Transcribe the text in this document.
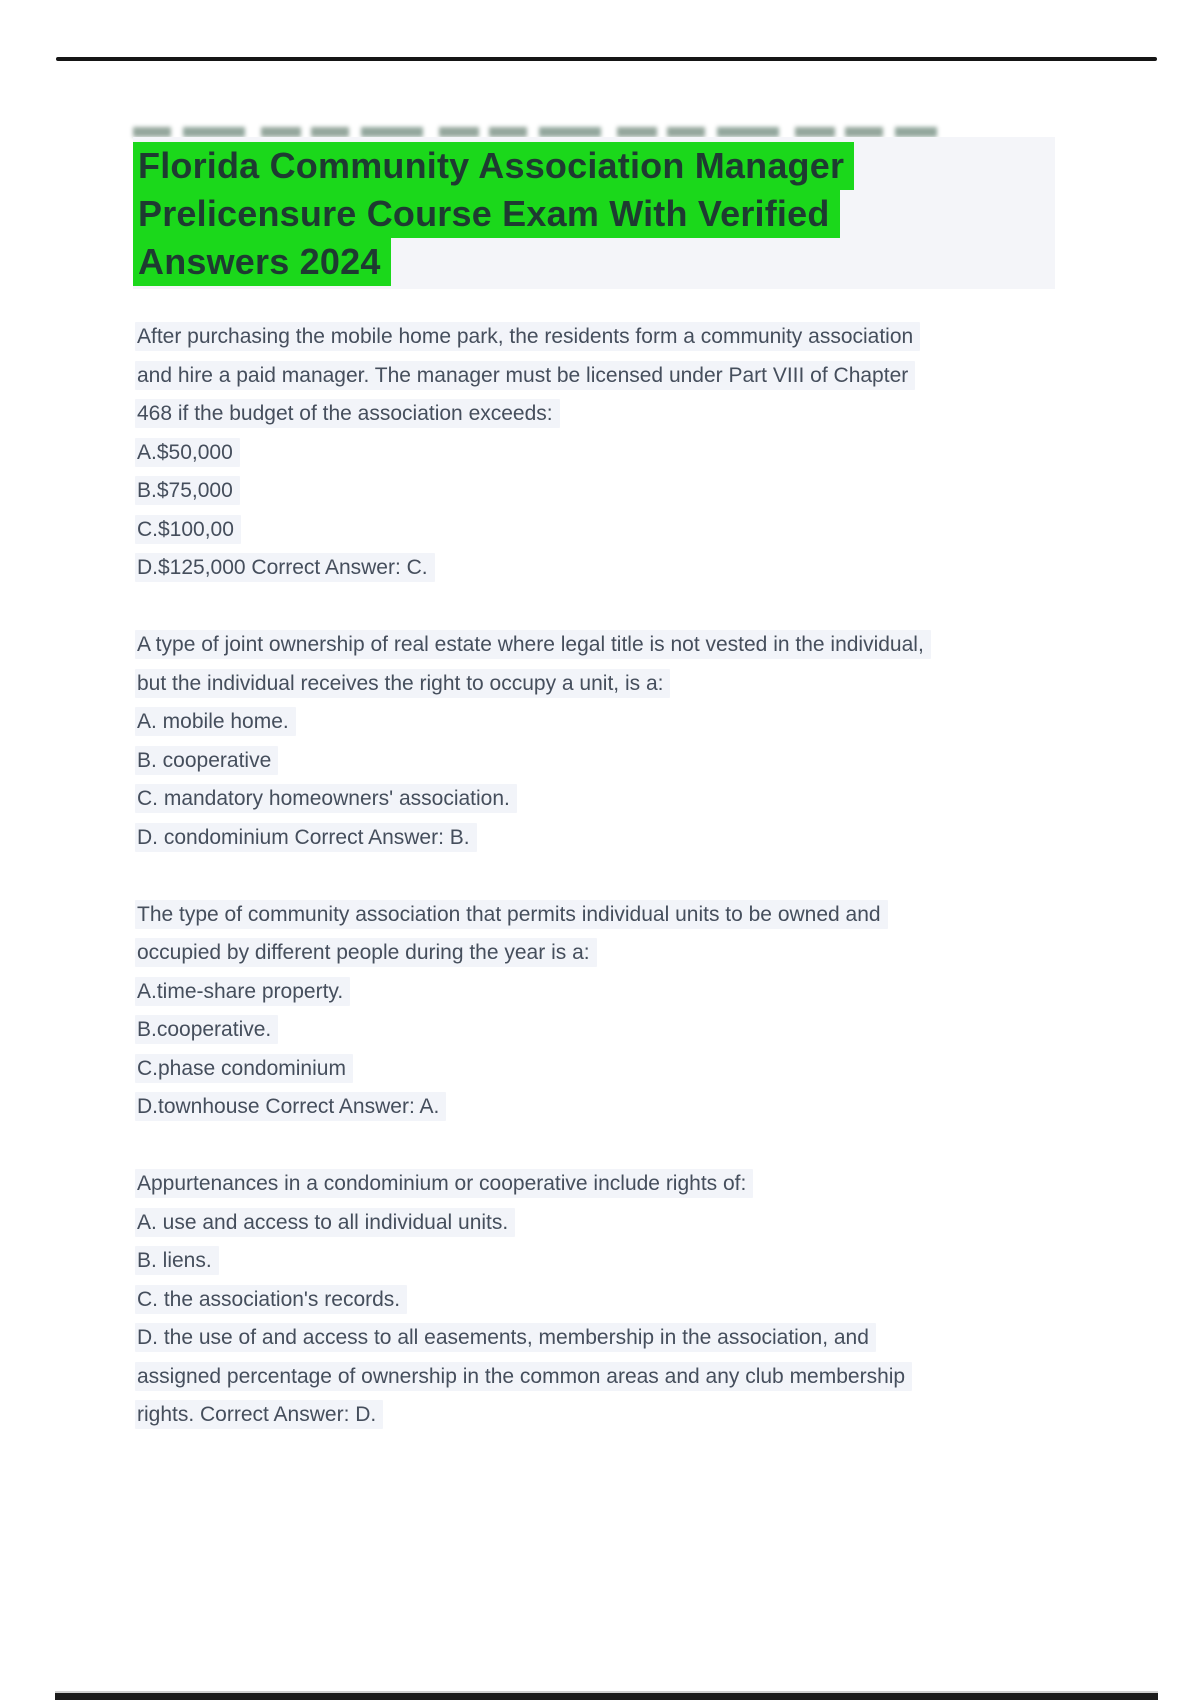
Florida Community Association Manager
Prelicensure Course Exam With Verified
Answers 2024
After purchasing the mobile home park, the residents form a community association
and hire a paid manager. The manager must be licensed under Part VIII of Chapter
468 if the budget of the association exceeds:
A.$50,000
B.$75,000
C.$100,00
D.$125,000 Correct Answer: C.
A type of joint ownership of real estate where legal title is not vested in the individual,
but the individual receives the right to occupy a unit, is a:
A. mobile home.
B. cooperative
C. mandatory homeowners' association.
D. condominium Correct Answer: B.
The type of community association that permits individual units to be owned and
occupied by different people during the year is a:
A.time-share property.
B.cooperative.
C.phase condominium
D.townhouse Correct Answer: A.
Appurtenances in a condominium or cooperative include rights of:
A. use and access to all individual units.
B. liens.
C. the association's records.
D. the use of and access to all easements, membership in the association, and
assigned percentage of ownership in the common areas and any club membership
rights. Correct Answer: D.
